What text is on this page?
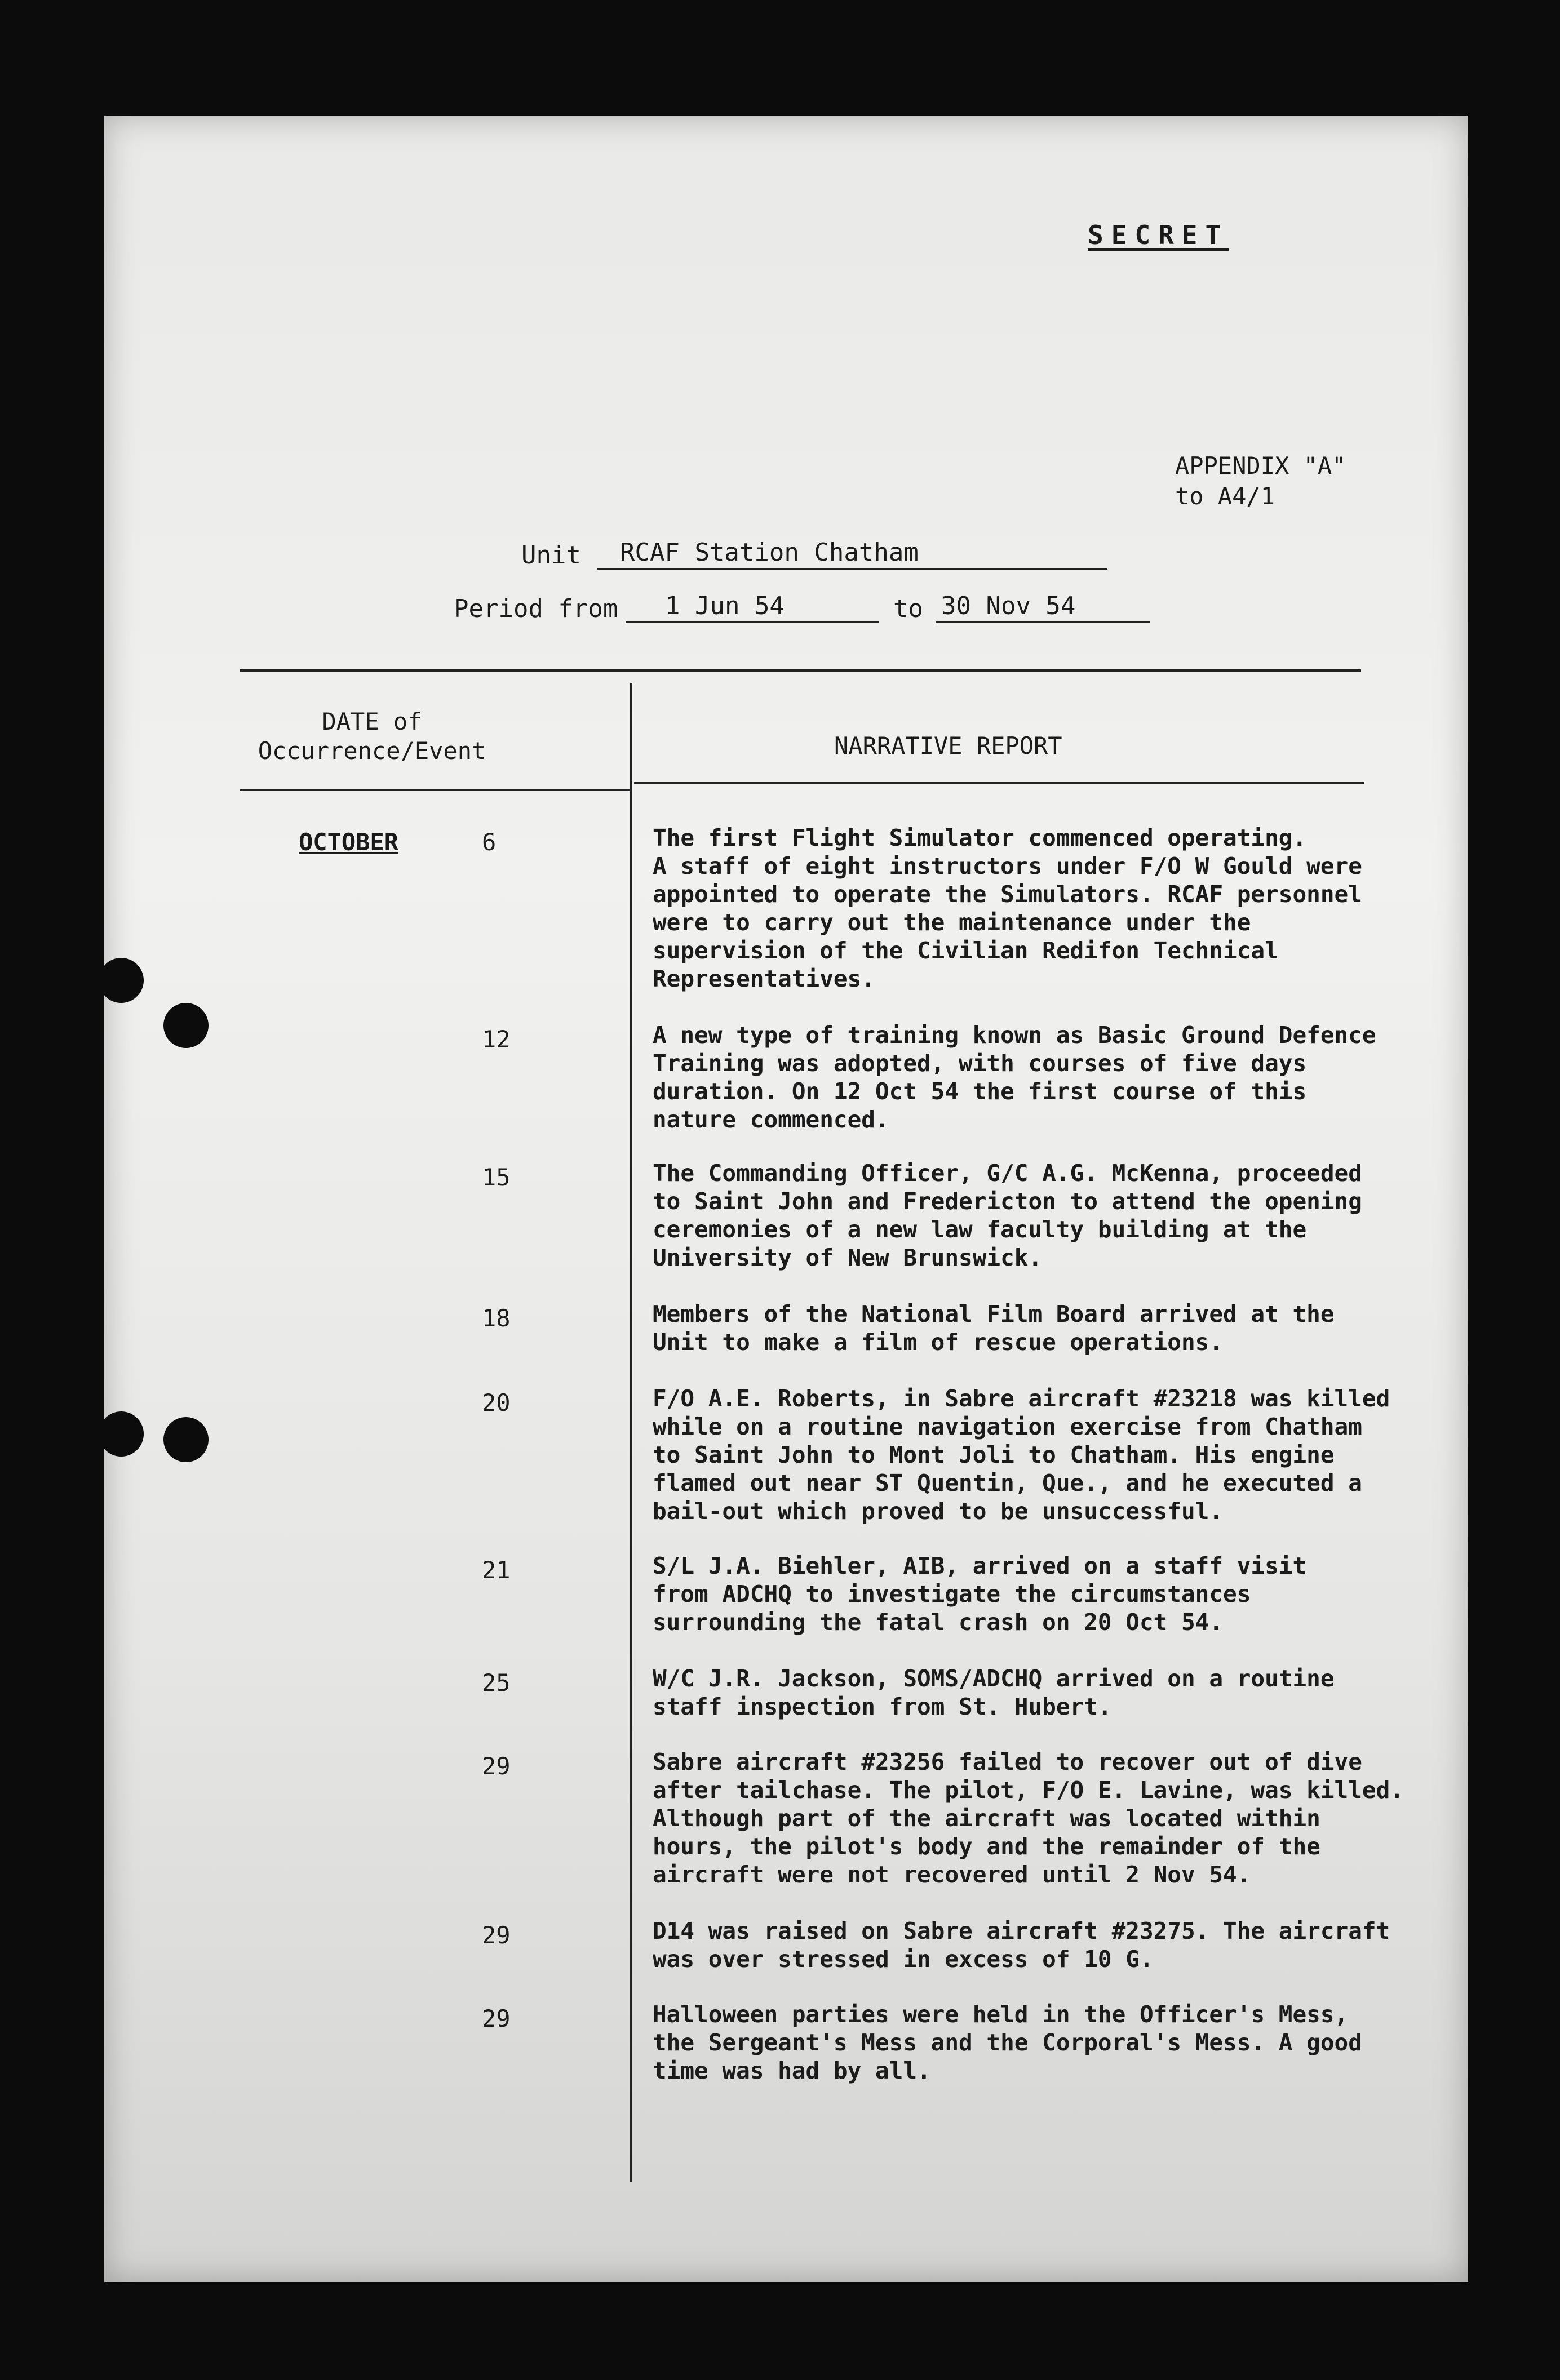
SECRET
APPENDIX "A"
to A4/1
Unit	RCAF Station Chatham
Period from	1 Jun 54	to 30 Nov 54
DATE of
Occurrence/Event	NARRATIVE REPORT
OCTOBER	6	The first Flight Simulator commenced operating.
A staff of eight instructors under F/O W Gould were
appointed to operate the Simulators. RCAF personnel
were to carry out the maintenance under the
supervision of the Civilian Redifon Technical
Representatives.
12	A new type of training known as Basic Ground Defence
Training was adopted, with courses of five days
duration. On 12 Oct 54 the first course of this
nature commenced.
15	The Commanding Officer, G/C A.G. McKenna, proceeded
to Saint John and Fredericton to attend the opening
ceremonies of a new law faculty building at the
University of New Brunswick.
18	Members of the National Film Board arrived at the
Unit to make a film of rescue operations.
20	F/O A.E. Roberts, in Sabre aircraft #23218 was killed
while on a routine navigation exercise from Chatham
to Saint John to Mont Joli to Chatham. His engine
flamed out near ST Quentin, Que., and he executed a
bail-out which proved to be unsuccessful.
21	S/L J.A. Biehler, AIB, arrived on a staff visit
from ADCHQ to investigate the circumstances
surrounding the fatal crash on 20 Oct 54.
25	W/C J.R. Jackson, SOMS/ADCHQ arrived on a routine
staff inspection from St. Hubert.
29	Sabre aircraft #23256 failed to recover out of dive
after tailchase. The pilot, F/O E. Lavine, was killed.
Although part of the aircraft was located within
hours, the pilot's body and the remainder of the
aircraft were not recovered until 2 Nov 54.
29	D14 was raised on Sabre aircraft #23275. The aircraft
was over stressed in excess of 10 G.
29	Halloween parties were held in the Officer's Mess,
the Sergeant's Mess and the Corporal's Mess. A good
time was had by all.
